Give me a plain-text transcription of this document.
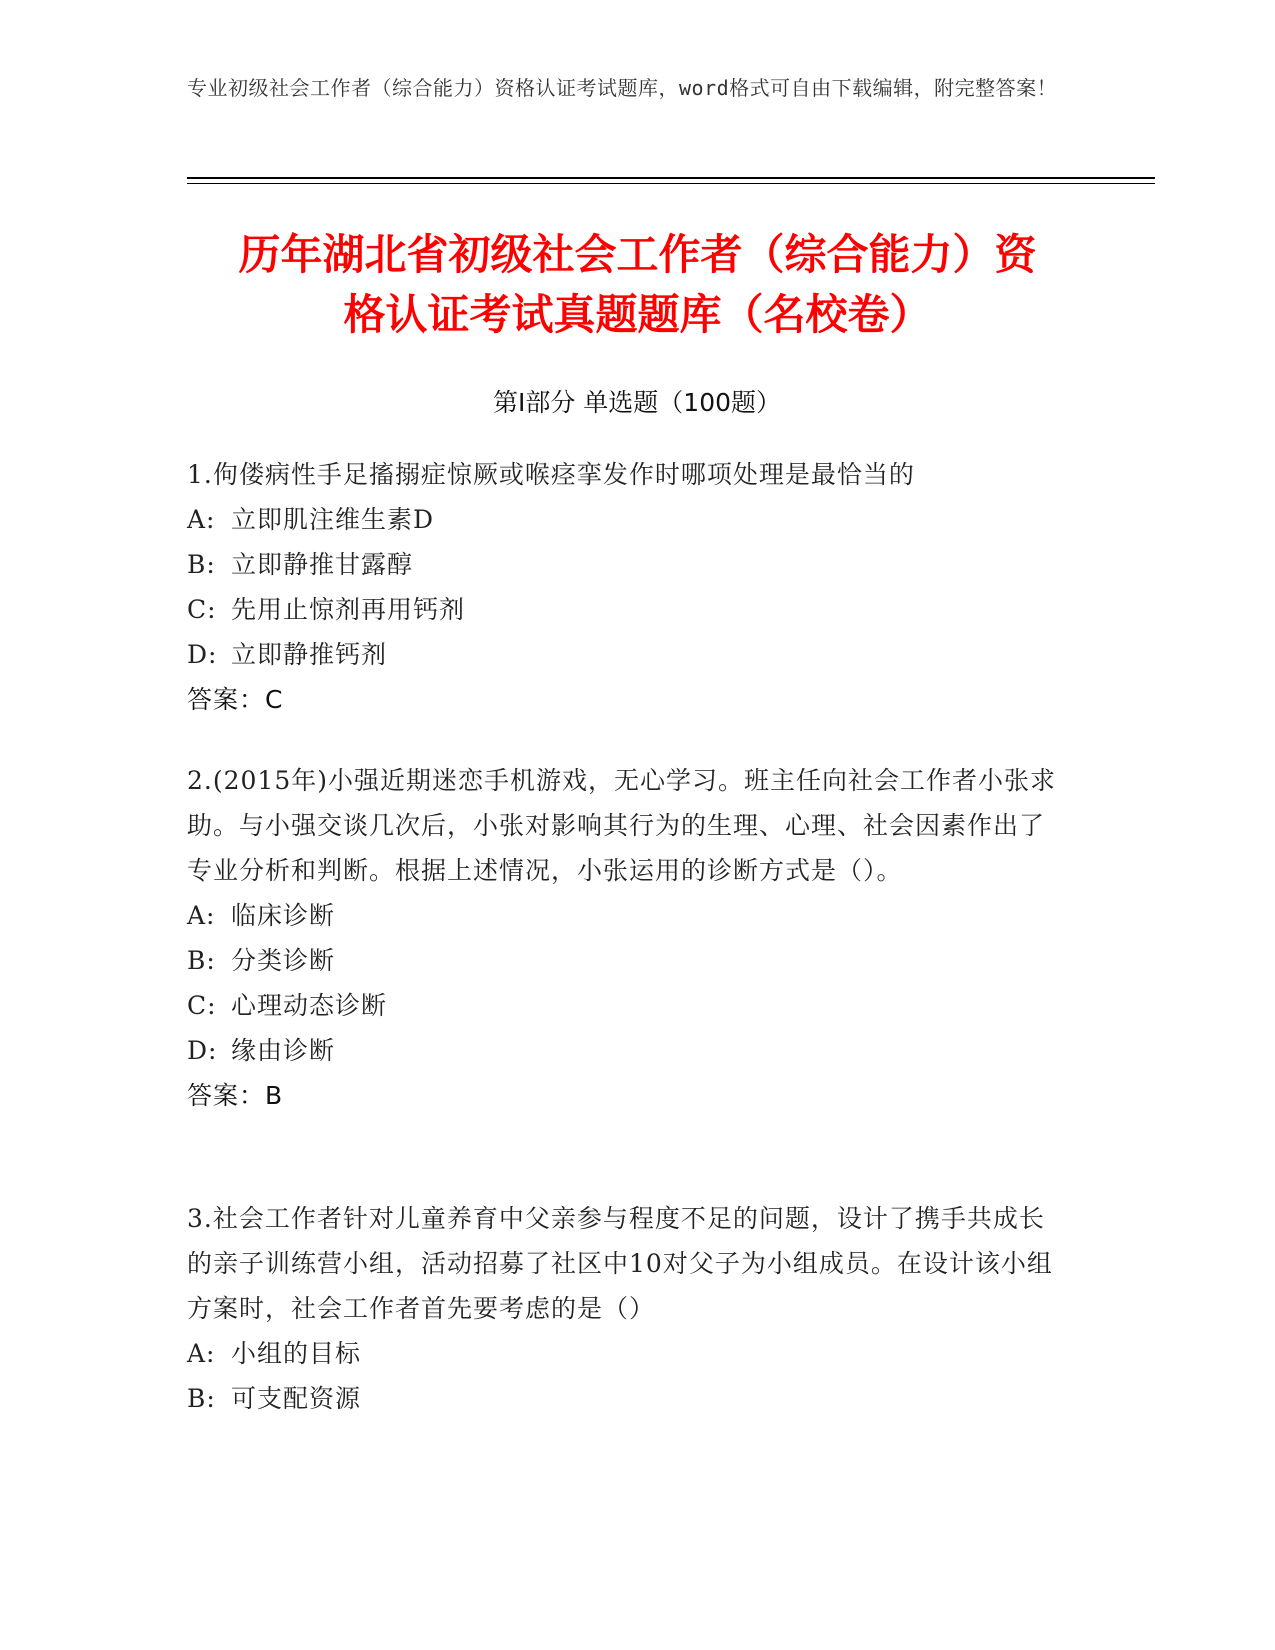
专业初级社会工作者（综合能力）资格认证考试题库，word格式可自由下载编辑，附完整答案！
历年湖北省初级社会工作者（综合能力）资
格认证考试真题题库（名校卷）
第Ⅰ部分 单选题（100题）

1.佝偻病性手足搐搦症惊厥或喉痉挛发作时哪项处理是最恰当的

A: 立即肌注维生素D

B: 立即静推甘露醇

C: 先用止惊剂再用钙剂

D: 立即静推钙剂

答案：C

2.(2015年)小强近期迷恋手机游戏，无心学习。班主任向社会工作者小张求助。与小强交谈几次后，小张对影响其行为的生理、心理、社会因素作出了专业分析和判断。根据上述情况，小张运用的诊断方式是（）。

A: 临床诊断

B: 分类诊断

C: 心理动态诊断

D: 缘由诊断

答案：B

3.社会工作者针对儿童养育中父亲参与程度不足的问题，设计了携手共成长的亲子训练营小组，活动招募了社区中10对父子为小组成员。在设计该小组方案时，社会工作者首先要考虑的是（）

A: 小组的目标

B: 可支配资源
